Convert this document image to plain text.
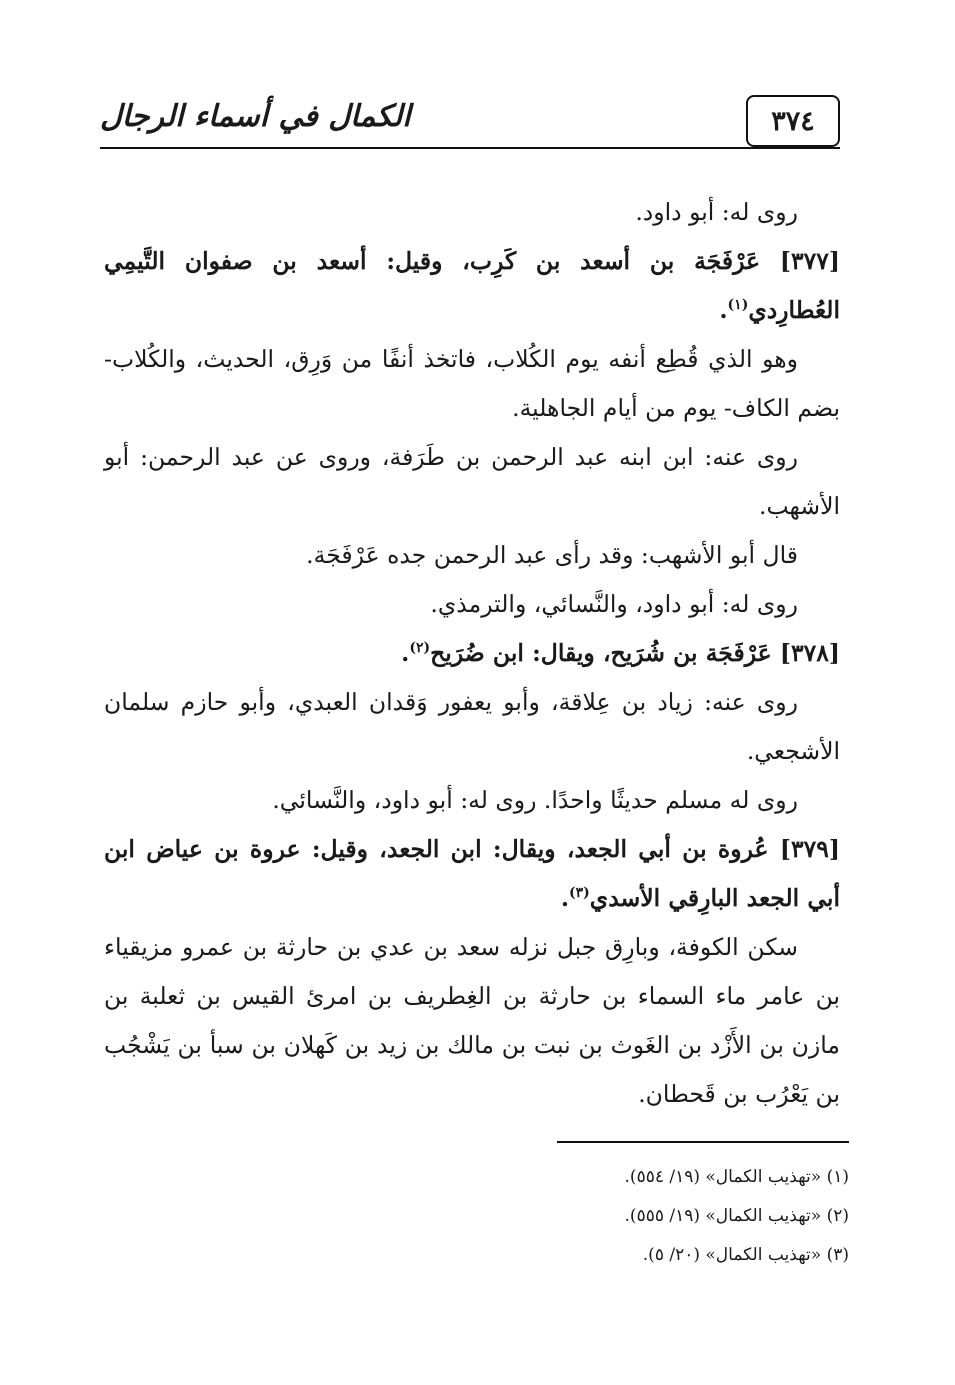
الكمال في أسماء الرجال	٣٧٤

روى له: أبو داود.

[٣٧٧] عَرْفَجَة بن أسعد بن كَرِب، وقيل: أسعد بن صفوان التَّيمِي العُطارِدي$^{(١)}$.

وهو الذي قُطِع أنفه يوم الكُلاب، فاتخذ أنفًا من وَرِق، الحديث، والكُلاب- بضم الكاف- يوم من أيام الجاهلية.

روى عنه: ابن ابنه عبد الرحمن بن طَرَفة، وروى عن عبد الرحمن: أبو الأشهب.

قال أبو الأشهب: وقد رأى عبد الرحمن جده عَرْفَجَة.

روى له: أبو داود، والنَّسائي، والترمذي.

[٣٧٨] عَرْفَجَة بن شُرَيح، ويقال: ابن ضُرَيح$^{(٢)}$.

روى عنه: زياد بن عِلاقة، وأبو يعفور وَقدان العبدي، وأبو حازم سلمان الأشجعي.

روى له مسلم حديثًا واحدًا. روى له: أبو داود، والنَّسائي.

[٣٧٩] عُروة بن أبي الجعد، ويقال: ابن الجعد، وقيل: عروة بن عياض ابن أبي الجعد البارِقي الأسدي$^{(٣)}$.

سكن الكوفة، وبارِق جبل نزله سعد بن عدي بن حارثة بن عمرو مزيقياء بن عامر ماء السماء بن حارثة بن الغِطريف بن امرئ القيس بن ثعلبة بن مازن بن الأَزْد بن الغَوث بن نبت بن مالك بن زيد بن كَهلان بن سبأ بن يَشْجُب بن يَعْرُب بن قَحطان.

(١) «تهذيب الكمال» (١٩/ ٥٥٤).

(٢) «تهذيب الكمال» (١٩/ ٥٥٥).

(٣) «تهذيب الكمال» (٢٠/ ٥).
